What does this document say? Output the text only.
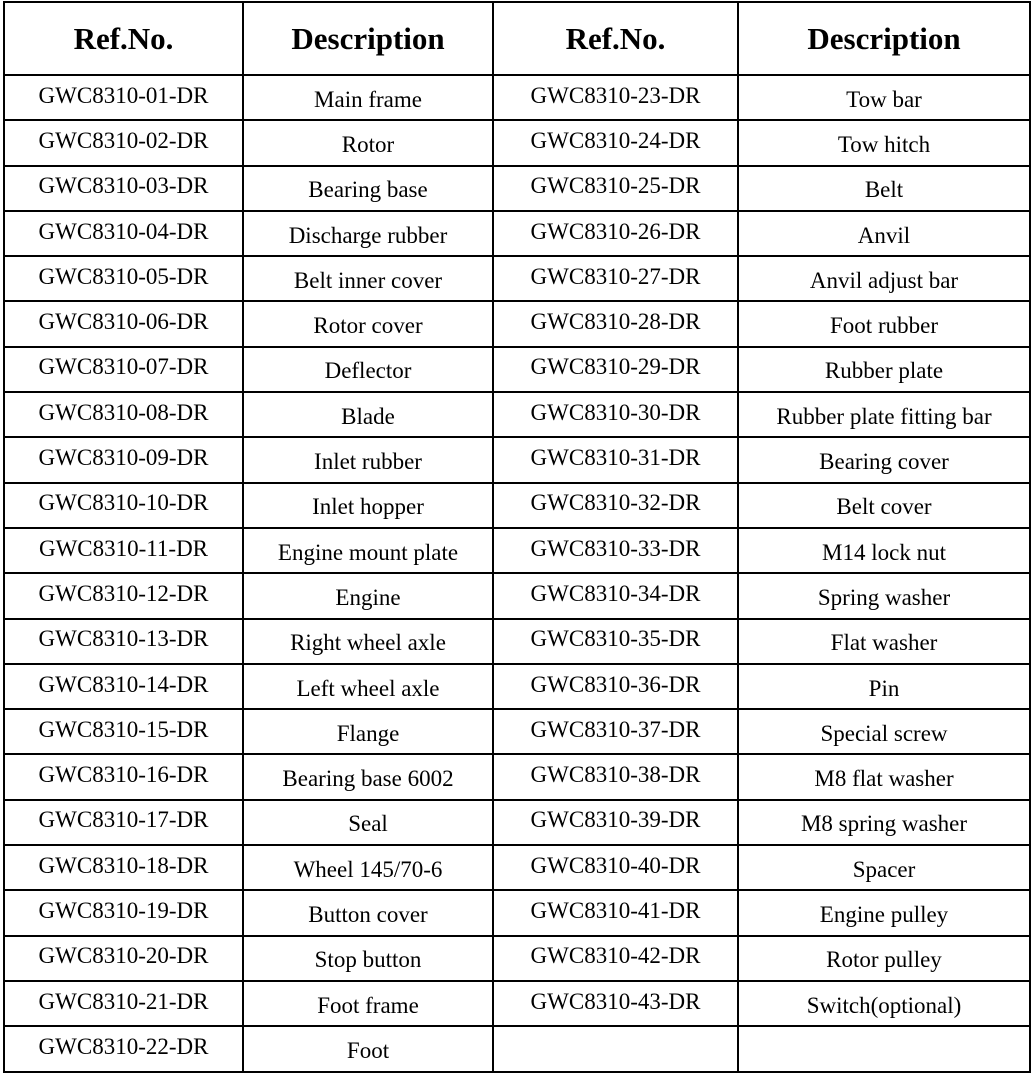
Ref.No.	Description	Ref.No.	Description
GWC8310-01-DR	Main frame	GWC8310-23-DR	Tow bar
GWC8310-02-DR	Rotor	GWC8310-24-DR	Tow hitch
GWC8310-03-DR	Bearing base	GWC8310-25-DR	Belt
GWC8310-04-DR	Discharge rubber	GWC8310-26-DR	Anvil
GWC8310-05-DR	Belt inner cover	GWC8310-27-DR	Anvil adjust bar
GWC8310-06-DR	Rotor cover	GWC8310-28-DR	Foot rubber
GWC8310-07-DR	Deflector	GWC8310-29-DR	Rubber plate
GWC8310-08-DR	Blade	GWC8310-30-DR	Rubber plate fitting bar
GWC8310-09-DR	Inlet rubber	GWC8310-31-DR	Bearing cover
GWC8310-10-DR	Inlet hopper	GWC8310-32-DR	Belt cover
GWC8310-11-DR	Engine mount plate	GWC8310-33-DR	M14 lock nut
GWC8310-12-DR	Engine	GWC8310-34-DR	Spring washer
GWC8310-13-DR	Right wheel axle	GWC8310-35-DR	Flat washer
GWC8310-14-DR	Left wheel axle	GWC8310-36-DR	Pin
GWC8310-15-DR	Flange	GWC8310-37-DR	Special screw
GWC8310-16-DR	Bearing base 6002	GWC8310-38-DR	M8 flat washer
GWC8310-17-DR	Seal	GWC8310-39-DR	M8 spring washer
GWC8310-18-DR	Wheel 145/70-6	GWC8310-40-DR	Spacer
GWC8310-19-DR	Button cover	GWC8310-41-DR	Engine pulley
GWC8310-20-DR	Stop button	GWC8310-42-DR	Rotor pulley
GWC8310-21-DR	Foot frame	GWC8310-43-DR	Switch(optional)
GWC8310-22-DR	Foot		
